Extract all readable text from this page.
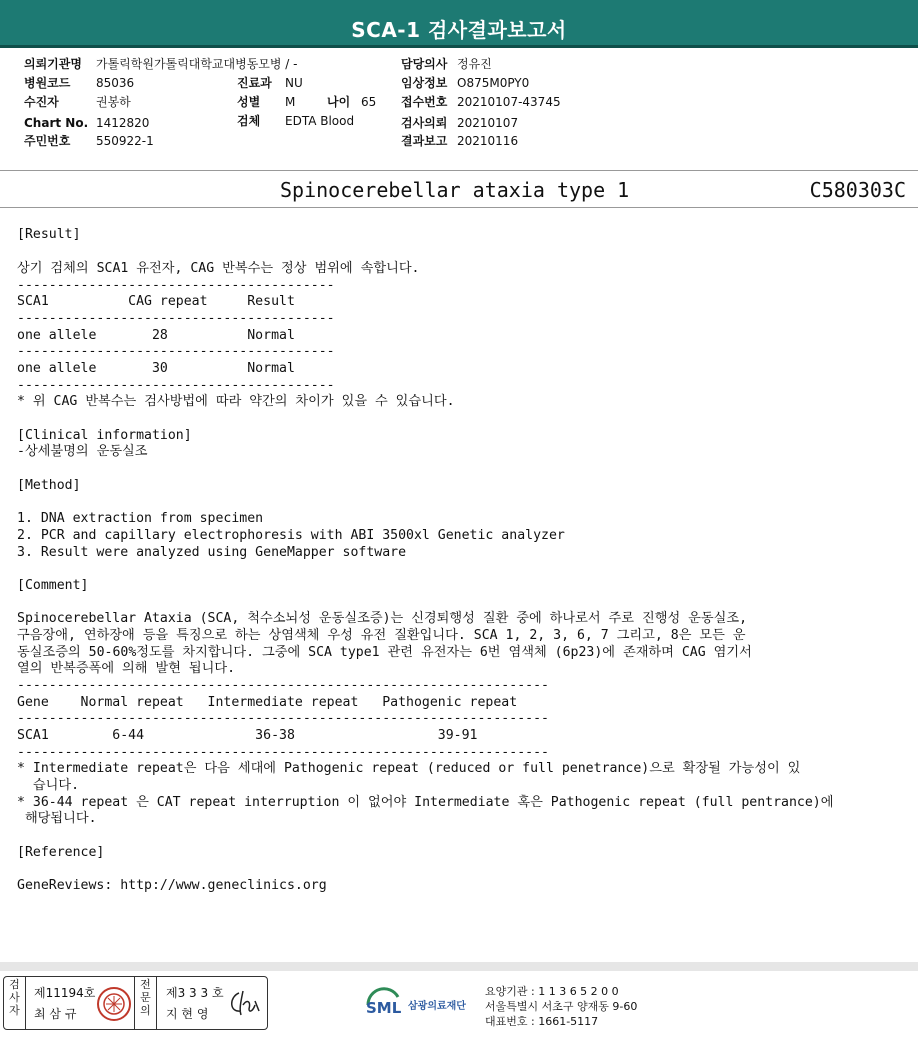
SCA-1 검사결과보고서
의뢰기관명 가톨릭학원가톨릭대학교대병동모병 / -
병원코드 85036
수진자	권봉하
Chart No. 1412820
주민번호 550922-1
진료과 NU
성별 M	나이 65
검체 EDTA Blood
담당의사 정유진
임상정보 O875M0PY0
접수번호 20210107-43745
검사의뢰 20210107
결과보고 20210116
Spinocerebellar ataxia type 1	C580303C
[Result]
상기 검체의 SCA1 유전자, CAG 반복수는 정상 범위에 속합니다.
----------------------------------------
SCA1          CAG repeat     Result
----------------------------------------
one allele       28          Normal
----------------------------------------
one allele       30          Normal
----------------------------------------
* 위 CAG 반복수는 검사방법에 따라 약간의 차이가 있을 수 있습니다.
[Clinical information]
-상세불명의 운동실조
[Method]
1. DNA extraction from specimen
2. PCR and capillary electrophoresis with ABI 3500xl Genetic analyzer
3. Result were analyzed using GeneMapper software
[Comment]
Spinocerebellar Ataxia (SCA, 척수소뇌성 운동실조증)는 신경퇴행성 질환 중에 하나로서 주로 진행성 운동실조,
구음장애, 연하장애 등을 특징으로 하는 상염색체 우성 유전 질환입니다. SCA 1, 2, 3, 6, 7 그리고, 8은 모든 운
동실조증의 50-60%정도를 차지합니다. 그중에 SCA type1 관련 유전자는 6번 염색체 (6p23)에 존재하며 CAG 염기서
열의 반복증폭에 의해 발현 됩니다.
-------------------------------------------------------------------
Gene    Normal repeat   Intermediate repeat   Pathogenic repeat
-------------------------------------------------------------------
SCA1        6-44              36-38                  39-91
-------------------------------------------------------------------
* Intermediate repeat은 다음 세대에 Pathogenic repeat (reduced or full penetrance)으로 확장될 가능성이 있
습니다.
* 36-44 repeat 은 CAT repeat interruption 이 없어야 Intermediate 혹은 Pathogenic repeat (full pentrance)에
해당됩니다.
[Reference]
GeneReviews: http://www.geneclinics.org
검사자
제11194호
최 삼 규
전문의
제3 3 3 호
지 현 영	SML 삼광의료재단
요양기관 : 1 1 3 6 5 2 0 0
서울특별시 서초구 양재동 9-60
대표번호 : 1661-5117
